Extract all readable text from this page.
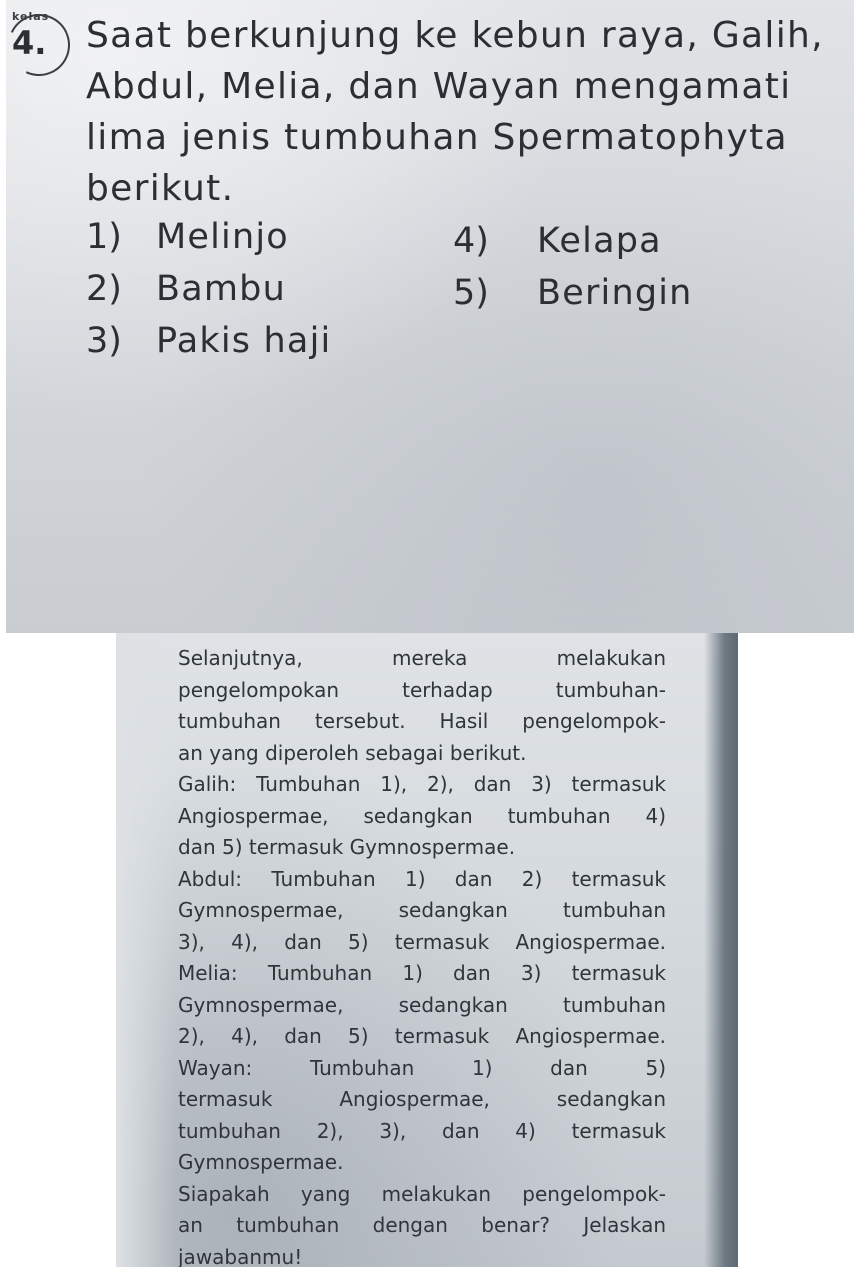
kelas
4. Saat berkunjung ke kebun raya, Galih,
Abdul, Melia, dan Wayan mengamati
lima jenis tumbuhan Spermatophyta
berikut.

1) Melinjo
2) Bambu
3) Pakis haji
4) Kelapa
5) Beringin
Selanjutnya, mereka melakukan
pengelompokan terhadap tumbuhan-
tumbuhan tersebut. Hasil pengelompok-
an yang diperoleh sebagai berikut.
Galih: Tumbuhan 1), 2), dan 3) termasuk
Angiospermae, sedangkan tumbuhan 4)
dan 5) termasuk Gymnospermae.
Abdul: Tumbuhan 1) dan 2) termasuk
Gymnospermae, sedangkan tumbuhan
3), 4), dan 5) termasuk Angiospermae.
Melia: Tumbuhan 1) dan 3) termasuk
Gymnospermae, sedangkan tumbuhan
2), 4), dan 5) termasuk Angiospermae.
Wayan: Tumbuhan 1) dan 5)
termasuk Angiospermae, sedangkan
tumbuhan 2), 3), dan 4) termasuk
Gymnospermae.
Siapakah yang melakukan pengelompok-
an tumbuhan dengan benar? Jelaskan
jawabanmu!
